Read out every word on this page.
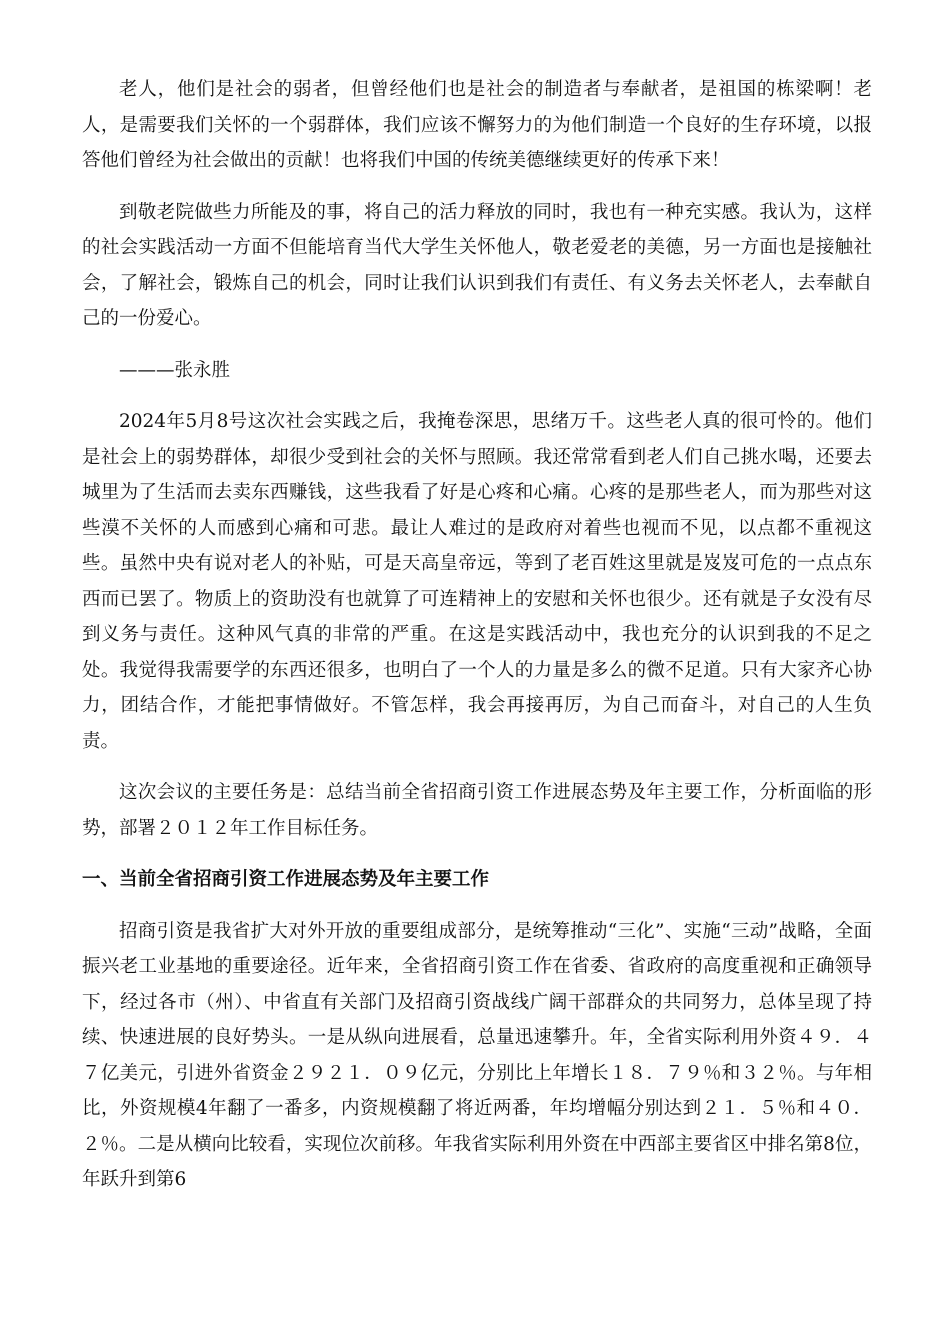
老人，他们是社会的弱者，但曾经他们也是社会的制造者与奉献者，是祖国的栋梁啊！老人，是需要我们关怀的一个弱群体，我们应该不懈努力的为他们制造一个良好的生存环境，以报答他们曾经为社会做出的贡献！也将我们中国的传统美德继续更好的传承下来！

到敬老院做些力所能及的事，将自己的活力释放的同时，我也有一种充实感。我认为，这样的社会实践活动一方面不但能培育当代大学生关怀他人，敬老爱老的美德，另一方面也是接触社会，了解社会，锻炼自己的机会，同时让我们认识到我们有责任、有义务去关怀老人，去奉献自己的一份爱心。

———张永胜

2024年5月8号这次社会实践之后，我掩卷深思，思绪万千。这些老人真的很可怜的。他们是社会上的弱势群体，却很少受到社会的关怀与照顾。我还常常看到老人们自己挑水喝，还要去城里为了生活而去卖东西赚钱，这些我看了好是心疼和心痛。心疼的是那些老人，而为那些对这些漠不关怀的人而感到心痛和可悲。最让人难过的是政府对着些也视而不见，以点都不重视这些。虽然中央有说对老人的补贴，可是天高皇帝远，等到了老百姓这里就是岌岌可危的一点点东西而已罢了。物质上的资助没有也就算了可连精神上的安慰和关怀也很少。还有就是子女没有尽到义务与责任。这种风气真的非常的严重。在这是实践活动中，我也充分的认识到我的不足之处。我觉得我需要学的东西还很多，也明白了一个人的力量是多么的微不足道。只有大家齐心协力，团结合作，才能把事情做好。不管怎样，我会再接再厉，为自己而奋斗，对自己的人生负责。

这次会议的主要任务是：总结当前全省招商引资工作进展态势及年主要工作，分析面临的形势，部署２０１２年工作目标任务。

一、当前全省招商引资工作进展态势及年主要工作

招商引资是我省扩大对外开放的重要组成部分，是统筹推动“三化”、实施“三动”战略，全面振兴老工业基地的重要途径。近年来，全省招商引资工作在省委、省政府的高度重视和正确领导下，经过各市（州）、中省直有关部门及招商引资战线广阔干部群众的共同努力，总体呈现了持续、快速进展的良好势头。一是从纵向进展看，总量迅速攀升。年，全省实际利用外资４９．４７亿美元，引进外省资金２９２１．０９亿元，分别比上年增长１８．７９％和３２％。与年相比，外资规模4年翻了一番多，内资规模翻了将近两番，年均增幅分别达到２１．５％和４０．２％。二是从横向比较看，实现位次前移。年我省实际利用外资在中西部主要省区中排名第8位，年跃升到第6
